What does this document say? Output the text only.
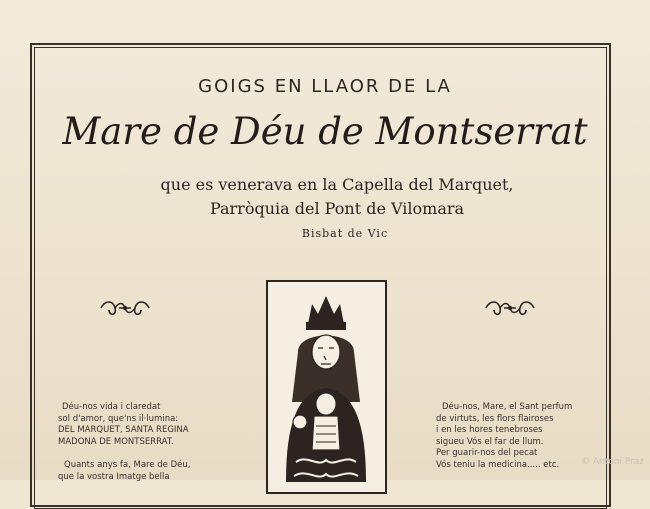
GOIGS EN LLAOR DE LA
Mare de Déu de Montserrat
que es venerava en la Capella del Marquet,
Parròquia del Pont de Vilomara
Bisbat de Vic
Déu-nos vida i claredat
sol d'amor, que'ns il·lumina:
DEL MARQUET, SANTA REGINA
MADONA DE MONTSERRAT.
Quants anys fa, Mare de Déu,
que la vostra Imatge bella
Déu-nos, Mare, el Sant perfum
de virtuts, les flors flairoses
i en les hores tenebroses
sigueu Vós el far de llum.
Per guarir-nos del pecat
Vós teniu la medicina..... etc.	© Antoni Praz
